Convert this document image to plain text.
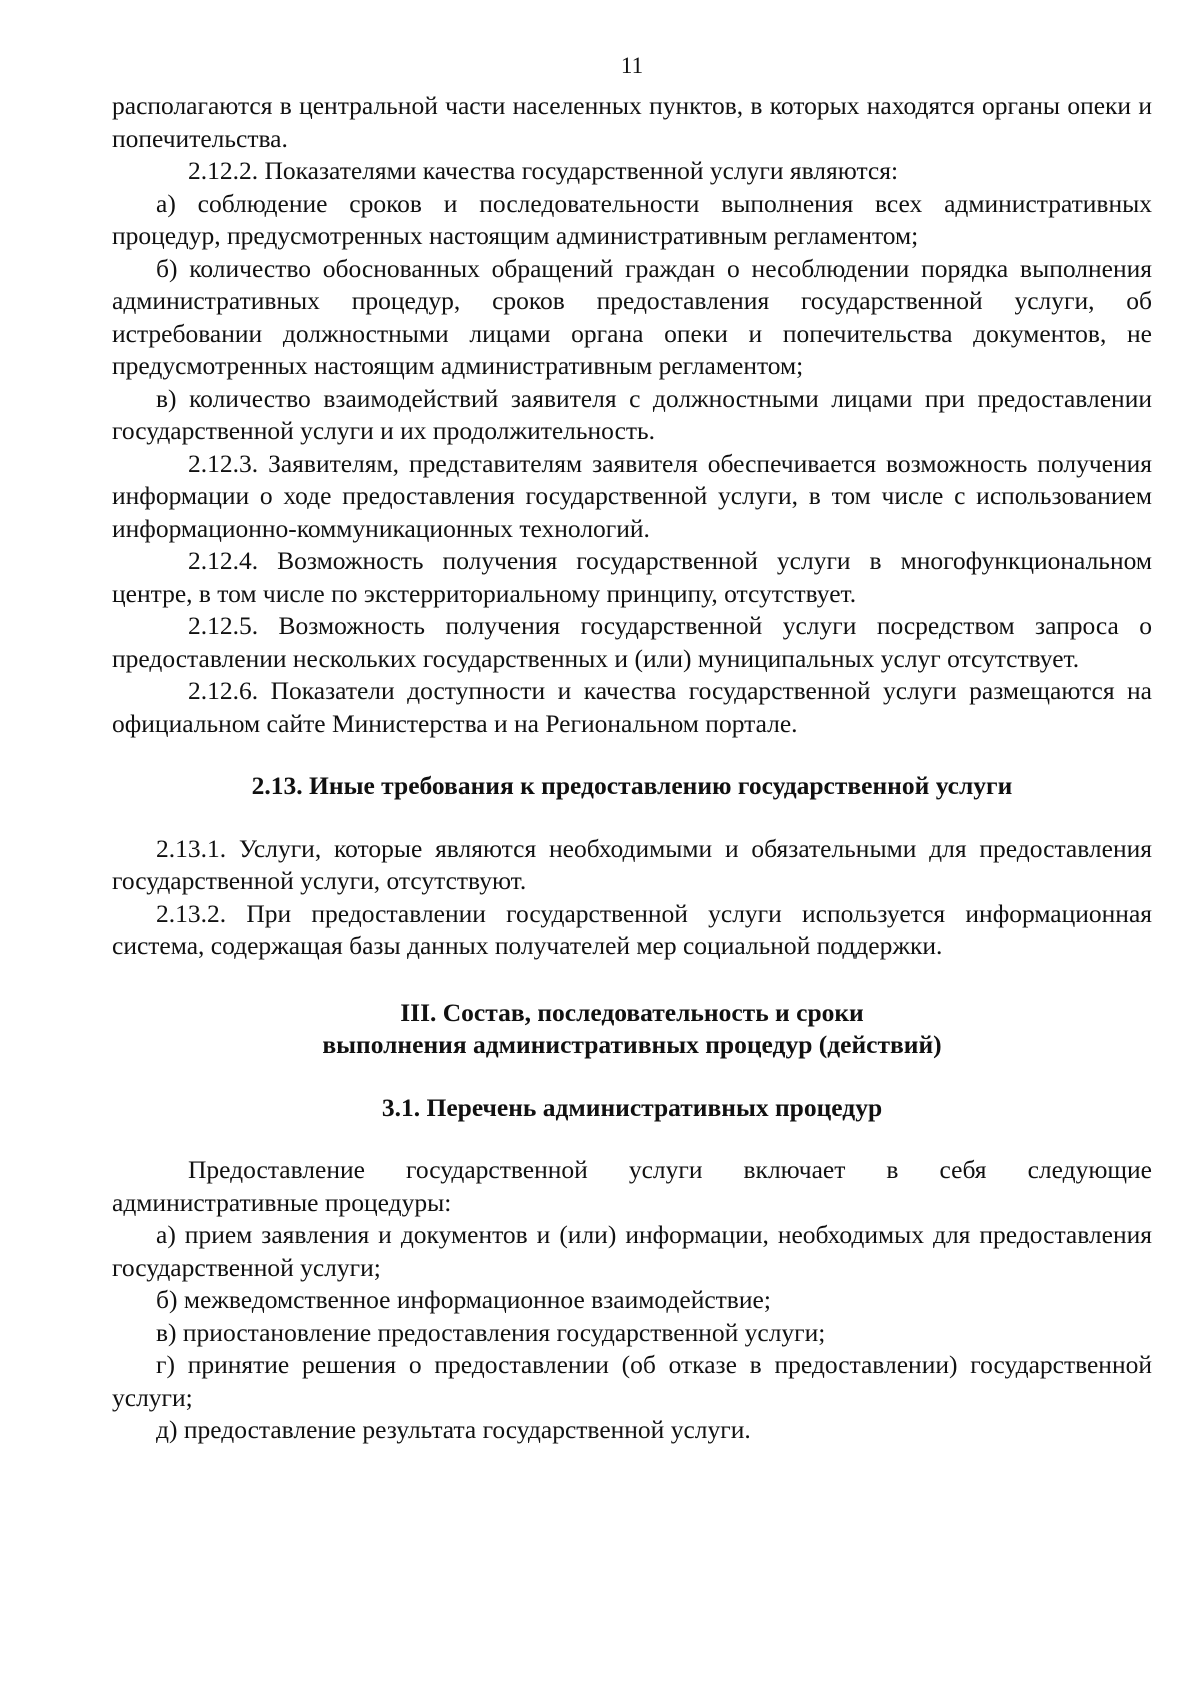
11

располагаются в центральной части населенных пунктов, в которых находятся органы опеки и попечительства.

2.12.2. Показателями качества государственной услуги являются:

а) соблюдение сроков и последовательности выполнения всех административных процедур, предусмотренных настоящим административным регламентом;

б) количество обоснованных обращений граждан о несоблюдении порядка выполнения административных процедур, сроков предоставления государственной услуги, об истребовании должностными лицами органа опеки и попечительства документов, не предусмотренных настоящим административным регламентом;

в) количество взаимодействий заявителя с должностными лицами при предоставлении государственной услуги и их продолжительность.

2.12.3. Заявителям, представителям заявителя обеспечивается возможность получения информации о ходе предоставления государственной услуги, в том числе с использованием информационно-коммуникационных технологий.

2.12.4. Возможность получения государственной услуги в многофункциональном центре, в том числе по экстерриториальному принципу, отсутствует.

2.12.5. Возможность получения государственной услуги посредством запроса о предоставлении нескольких государственных и (или) муниципальных услуг отсутствует.

2.12.6. Показатели доступности и качества государственной услуги размещаются на официальном сайте Министерства и на Региональном портале.

2.13. Иные требования к предоставлению государственной услуги

2.13.1. Услуги, которые являются необходимыми и обязательными для предоставления государственной услуги, отсутствуют.

2.13.2. При предоставлении государственной услуги используется информационная система, содержащая базы данных получателей мер социальной поддержки.

III. Состав, последовательность и сроки

выполнения административных процедур (действий)

3.1. Перечень административных процедур

Предоставление государственной услуги включает в себя следующие административные процедуры:

а) прием заявления и документов и (или) информации, необходимых для предоставления государственной услуги;

б) межведомственное информационное взаимодействие;

в) приостановление предоставления государственной услуги;

г) принятие решения о предоставлении (об отказе в предоставлении) государственной услуги;

д) предоставление результата государственной услуги.
